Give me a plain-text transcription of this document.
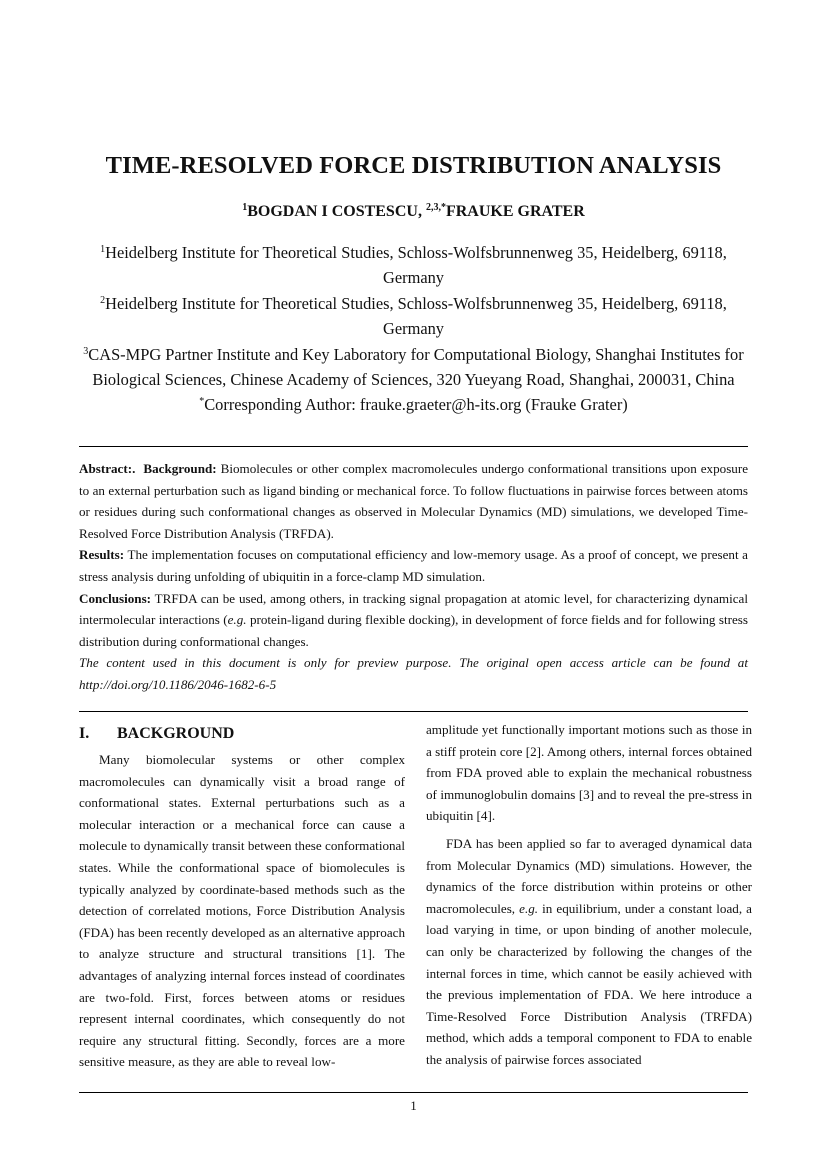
TIME-RESOLVED FORCE DISTRIBUTION ANALYSIS
$^1$BOGDAN I COSTESCU, $^{2,3,*}$FRAUKE GRATER
$^1$Heidelberg Institute for Theoretical Studies, Schloss-Wolfsbrunnenweg 35, Heidelberg, 69118,
Germany
$^2$Heidelberg Institute for Theoretical Studies, Schloss-Wolfsbrunnenweg 35, Heidelberg, 69118,
Germany
$^3$CAS-MPG Partner Institute and Key Laboratory for Computational Biology, Shanghai Institutes for
Biological Sciences, Chinese Academy of Sciences, 320 Yueyang Road, Shanghai, 200031, China
*Corresponding Author: frauke.graeter@h-its.org (Frauke Grater)

Abstract:. Background: Biomolecules or other complex macromolecules undergo conformational transitions upon exposure to an external perturbation such as ligand binding or mechanical force. To follow fluctuations in pairwise forces between atoms or residues during such conformational changes as observed in Molecular Dynamics (MD) simulations, we developed Time-Resolved Force Distribution Analysis (TRFDA).

Results: The implementation focuses on computational efficiency and low-memory usage. As a proof of concept, we present a stress analysis during unfolding of ubiquitin in a force-clamp MD simulation.

Conclusions: TRFDA can be used, among others, in tracking signal propagation at atomic level, for characterizing dynamical intermolecular interactions (e.g. protein-ligand during flexible docking), in development of force fields and for following stress distribution during conformational changes.

The content used in this document is only for preview purpose. The original open access article can be found at http://doi.org/10.1186/2046-1682-6-5

I. BACKGROUND

Many biomolecular systems or other complex macromolecules can dynamically visit a broad range of conformational states. External perturbations such as a molecular interaction or a mechanical force can cause a molecule to dynamically transit between these conformational states. While the conformational space of biomolecules is typically analyzed by coordinate-based methods such as the detection of correlated motions, Force Distribution Analysis (FDA) has been recently developed as an alternative approach to analyze structure and structural transitions [1]. The advantages of analyzing internal forces instead of coordinates are two-fold. First, forces between atoms or residues represent internal coordinates, which consequently do not require any structural fitting. Secondly, forces are a more sensitive measure, as they are able to reveal low-

amplitude yet functionally important motions such as those in a stiff protein core [2]. Among others, internal forces obtained from FDA proved able to explain the mechanical robustness of immunoglobulin domains [3] and to reveal the pre-stress in ubiquitin [4].

FDA has been applied so far to averaged dynamical data from Molecular Dynamics (MD) simulations. However, the dynamics of the force distribution within proteins or other macromolecules, e.g. in equilibrium, under a constant load, a load varying in time, or upon binding of another molecule, can only be characterized by following the changes of the internal forces in time, which cannot be easily achieved with the previous implementation of FDA. We here introduce a Time-Resolved Force Distribution Analysis (TRFDA) method, which adds a temporal component to FDA to enable the analysis of pairwise forces associated

1
